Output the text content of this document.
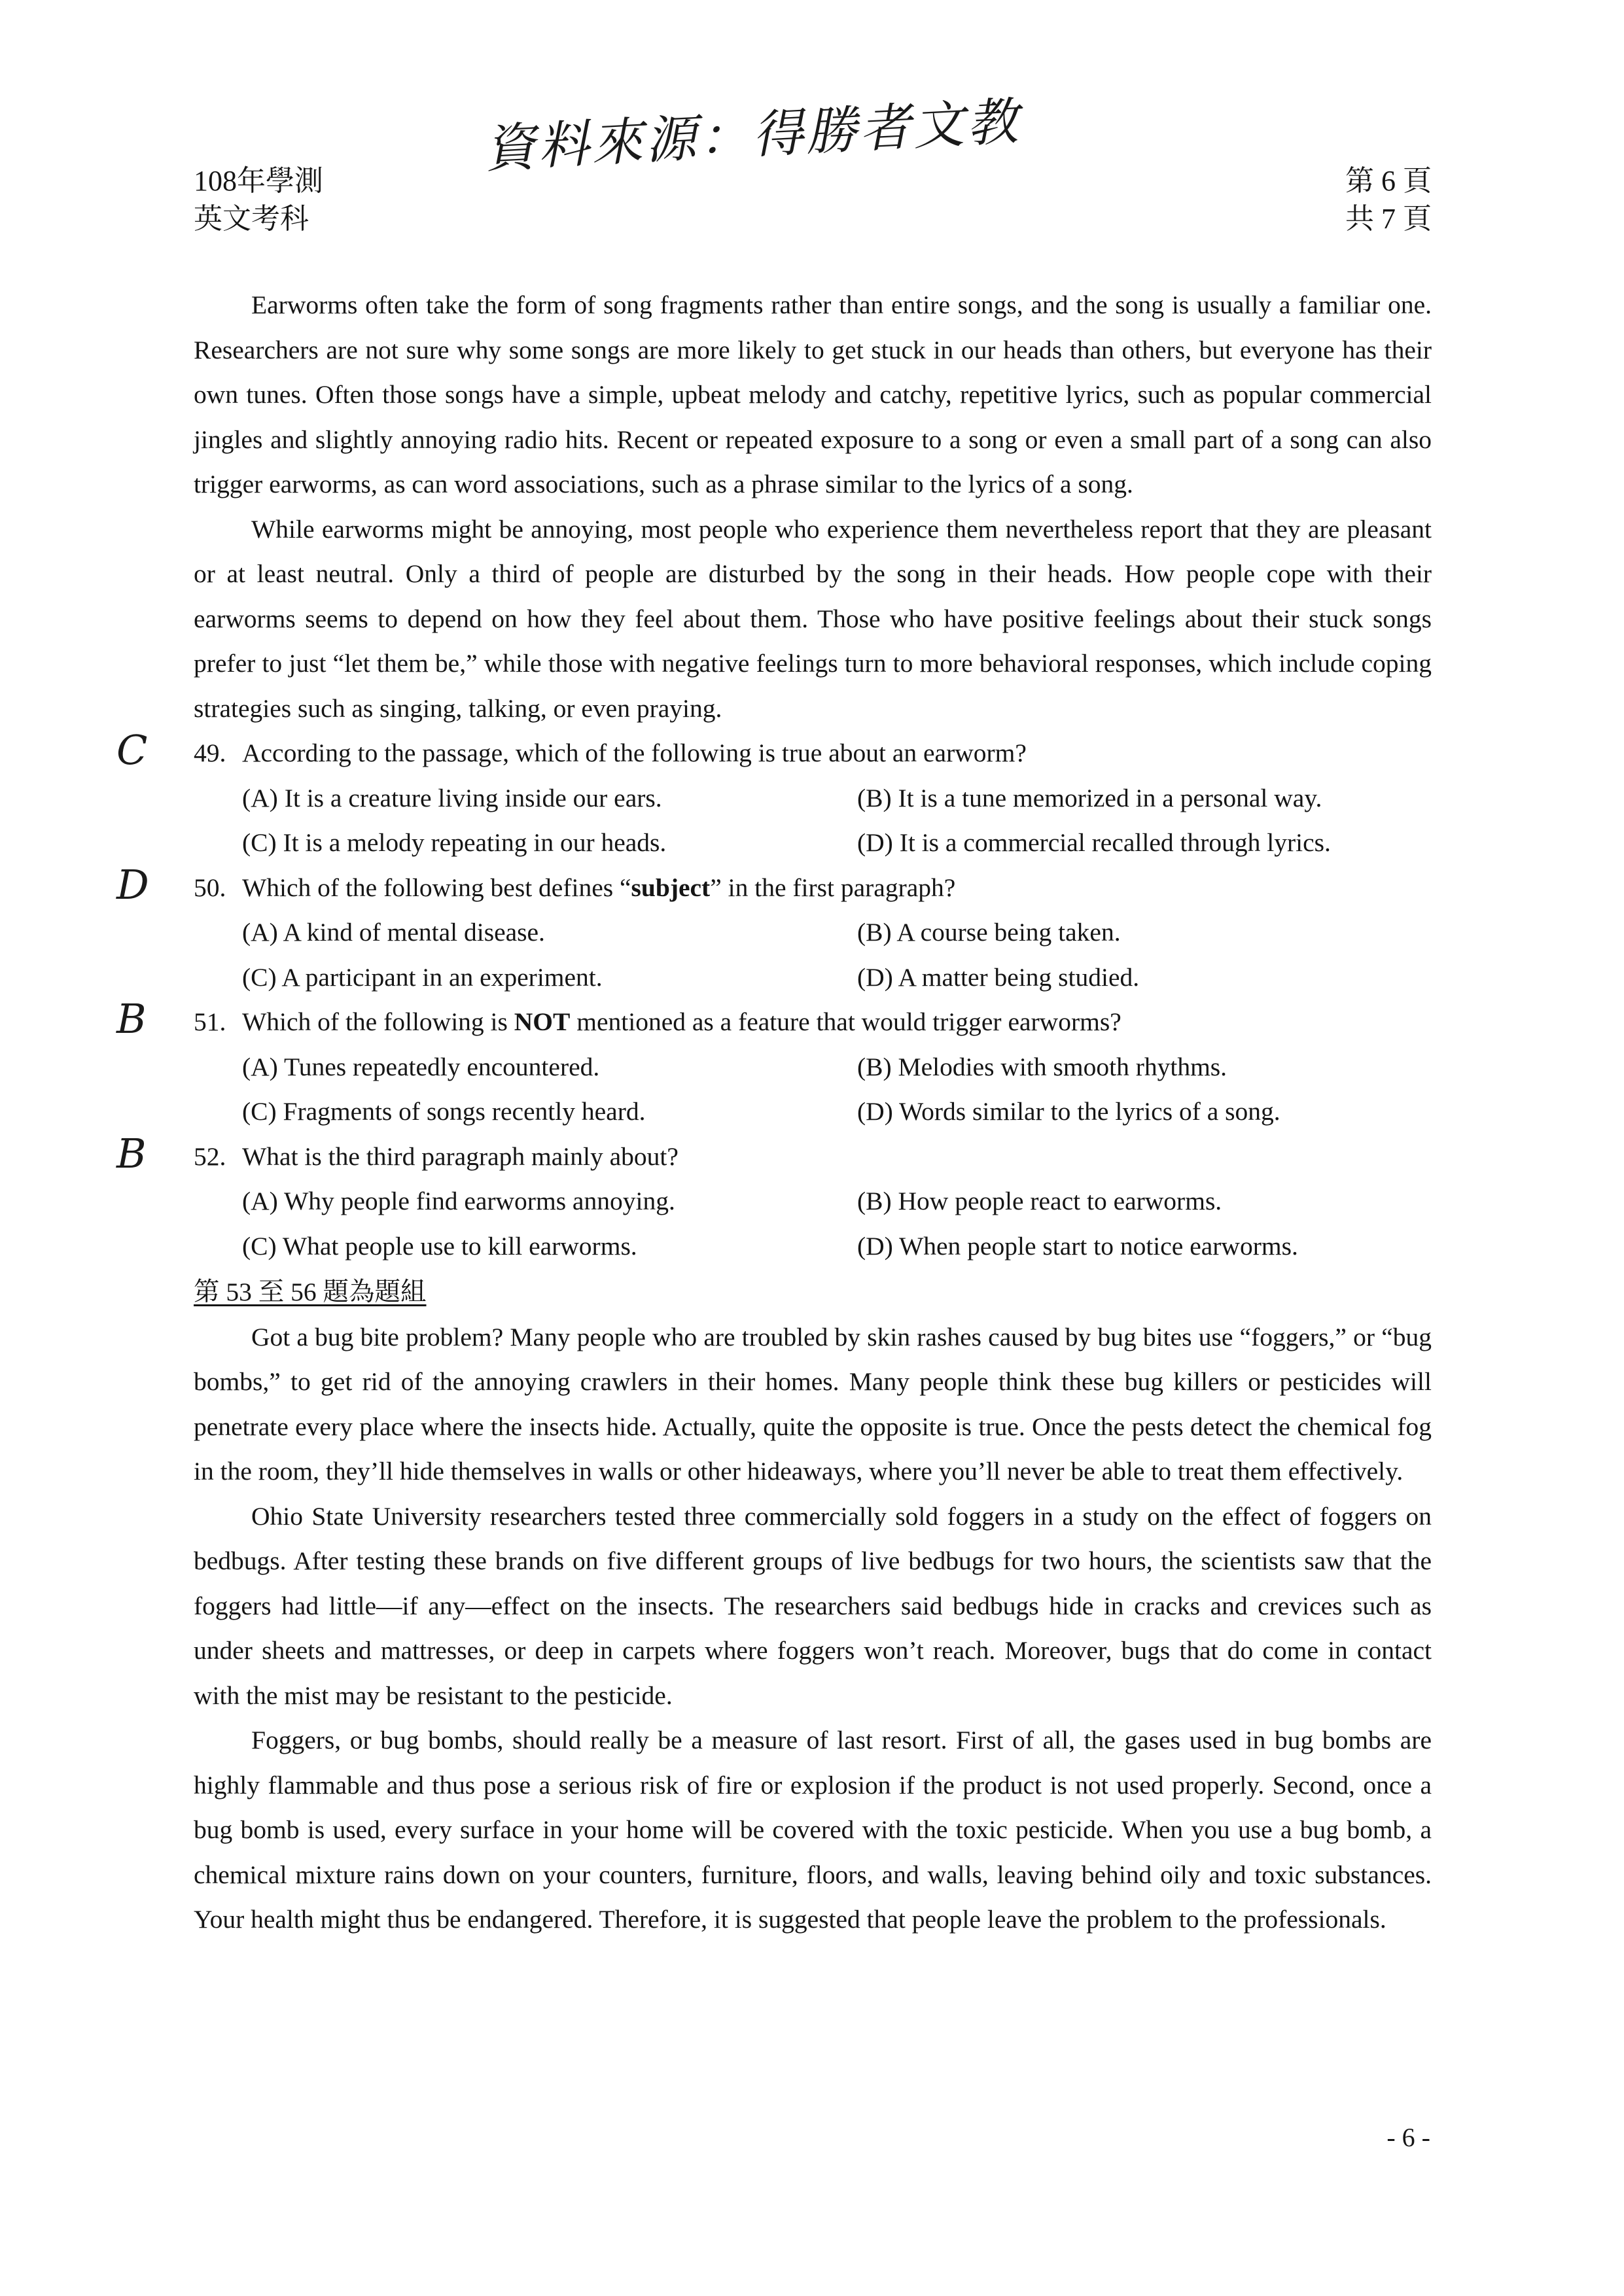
108年學測
英文考科
資料來源：得勝者文教
第 6 頁
共 7 頁

Earworms often take the form of song fragments rather than entire songs, and the song is usually a familiar one. Researchers are not sure why some songs are more likely to get stuck in our heads than others, but everyone has their own tunes. Often those songs have a simple, upbeat melody and catchy, repetitive lyrics, such as popular commercial jingles and slightly annoying radio hits. Recent or repeated exposure to a song or even a small part of a song can also trigger earworms, as can word associations, such as a phrase similar to the lyrics of a song.

While earworms might be annoying, most people who experience them nevertheless report that they are pleasant or at least neutral. Only a third of people are disturbed by the song in their heads. How people cope with their earworms seems to depend on how they feel about them. Those who have positive feelings about their stuck songs prefer to just “let them be,” while those with negative feelings turn to more behavioral responses, which include coping strategies such as singing, talking, or even praying.

C 49. According to the passage, which of the following is true about an earworm?

(A) It is a creature living inside our ears.	(B) It is a tune memorized in a personal way.
(C) It is a melody repeating in our heads.	(D) It is a commercial recalled through lyrics.
D 50. Which of the following best defines “subject” in the first paragraph?

(A) A kind of mental disease.	(B) A course being taken.
(C) A participant in an experiment.	(D) A matter being studied.
B 51. Which of the following is NOT mentioned as a feature that would trigger earworms?

(A) Tunes repeatedly encountered.	(B) Melodies with smooth rhythms.
(C) Fragments of songs recently heard.	(D) Words similar to the lyrics of a song.
B 52. What is the third paragraph mainly about?

(A) Why people find earworms annoying.	(B) How people react to earworms.
(C) What people use to kill earworms.	(D) When people start to notice earworms.

第 53 至 56 題為題組

Got a bug bite problem? Many people who are troubled by skin rashes caused by bug bites use “foggers,” or “bug bombs,” to get rid of the annoying crawlers in their homes. Many people think these bug killers or pesticides will penetrate every place where the insects hide. Actually, quite the opposite is true. Once the pests detect the chemical fog in the room, they’ll hide themselves in walls or other hideaways, where you’ll never be able to treat them effectively.

Ohio State University researchers tested three commercially sold foggers in a study on the effect of foggers on bedbugs. After testing these brands on five different groups of live bedbugs for two hours, the scientists saw that the foggers had little—if any—effect on the insects. The researchers said bedbugs hide in cracks and crevices such as under sheets and mattresses, or deep in carpets where foggers won’t reach. Moreover, bugs that do come in contact with the mist may be resistant to the pesticide.

Foggers, or bug bombs, should really be a measure of last resort. First of all, the gases used in bug bombs are highly flammable and thus pose a serious risk of fire or explosion if the product is not used properly. Second, once a bug bomb is used, every surface in your home will be covered with the toxic pesticide. When you use a bug bomb, a chemical mixture rains down on your counters, furniture, floors, and walls, leaving behind oily and toxic substances. Your health might thus be endangered. Therefore, it is suggested that people leave the problem to the professionals.

- 6 -
